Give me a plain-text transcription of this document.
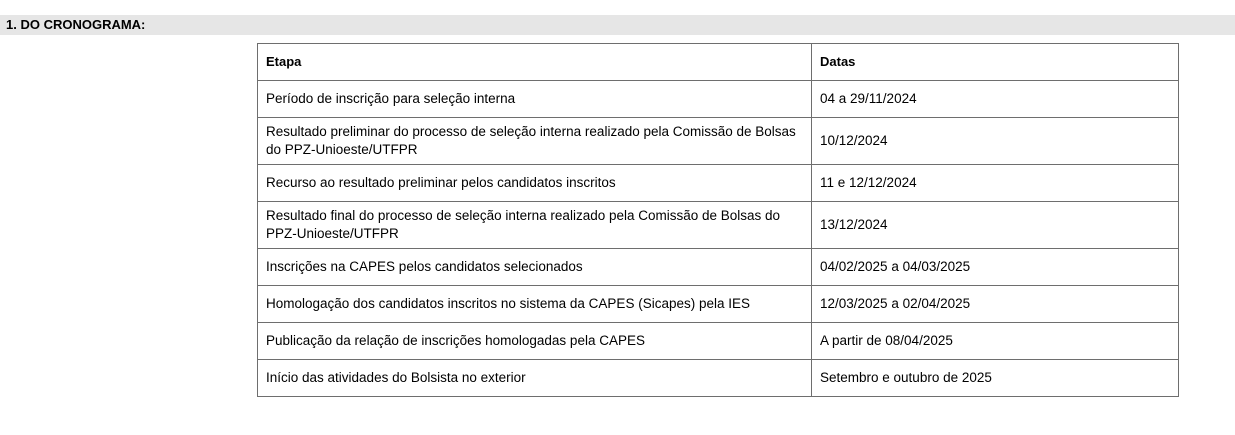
1. DO CRONOGRAMA:
Etapa	Datas
Período de inscrição para seleção interna	04 a 29/11/2024
Resultado preliminar do processo de seleção interna realizado pela Comissão de Bolsas do PPZ-Unioeste/UTFPR	10/12/2024
Recurso ao resultado preliminar pelos candidatos inscritos	11 e 12/12/2024
Resultado final do processo de seleção interna realizado pela Comissão de Bolsas do PPZ-Unioeste/UTFPR	13/12/2024
Inscrições na CAPES pelos candidatos selecionados	04/02/2025 a 04/03/2025
Homologação dos candidatos inscritos no sistema da CAPES (Sicapes) pela IES	12/03/2025 a 02/04/2025
Publicação da relação de inscrições homologadas pela CAPES	A partir de 08/04/2025
Início das atividades do Bolsista no exterior	Setembro e outubro de 2025
